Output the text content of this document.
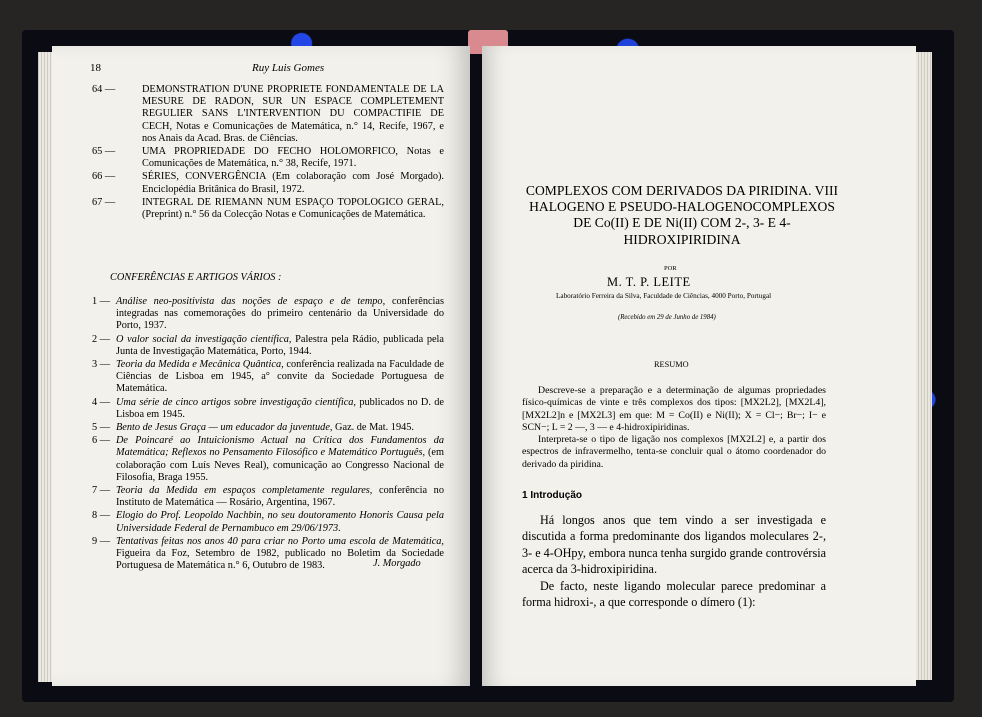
18	Ruy Luis Gomes
64 —	DEMONSTRATION D'UNE PROPRIETE FONDAMENTALE DE LA MESURE DE RADON, SUR UN ESPACE COMPLETEMENT REGULIER SANS L'INTERVENTION DU COMPACTIFIE DE CECH, Notas e Comunicações de Matemática, n.° 14, Recife, 1967, e nos Anais da Acad. Bras. de Ciências.
65 —	UMA PROPRIEDADE DO FECHO HOLOMORFICO, Notas e Comunicações de Matemática, n.° 38, Recife, 1971.
66 —	SÉRIES, CONVERGÊNCIA (Em colaboração com José Morgado). Enciclopédia Britânica do Brasil, 1972.
67 —	INTEGRAL DE RIEMANN NUM ESPAÇO TOPOLOGICO GERAL, (Preprint) n.° 56 da Colecção Notas e Comunicações de Matemática.
CONFERÊNCIAS E ARTIGOS VÁRIOS :
1 — Análise neo-positivista das noções de espaço e de tempo, conferências integradas nas comemorações do primeiro centenário da Universidade do Porto, 1937.
2 — O valor social da investigação científica, Palestra pela Rádio, publicada pela Junta de Investigação Matemática, Porto, 1944.
3 — Teoria da Medida e Mecânica Quântica, conferência realizada na Faculdade de Ciências de Lisboa em 1945, a° convite da Sociedade Portuguesa de Matemática.
4 — Uma série de cinco artigos sobre investigação científica, publicados no D. de Lisboa em 1945.
5 — Bento de Jesus Graça — um educador da juventude, Gaz. de Mat. 1945.
6 — De Poincaré ao Intuicionismo Actual na Crítica dos Fundamentos da Matemática; Reflexos no Pensamento Filosófico e Matemático Português, (em colaboração com Luís Neves Real), comunicação ao Congresso Nacional de Filosofia, Braga 1955.
7 — Teoria da Medida em espaços completamente regulares, conferência no Instituto de Matemática — Rosário, Argentina, 1967.
8 — Elogio do Prof. Leopoldo Nachbin, no seu doutoramento Honoris Causa pela Universidade Federal de Pernambuco em 29/06/1973.
9 — Tentativas feitas nos anos 40 para criar no Porto uma escola de Matemática, Figueira da Foz, Setembro de 1982, publicado no Boletim da Sociedade Portuguesa de Matemática n.° 6, Outubro de 1983.	J. Morgado
COMPLEXOS COM DERIVADOS DA PIRIDINA. VIII HALOGENO E PSEUDO-HALOGENOCOMPLEXOS DE Co(II) E DE Ni(II) COM 2-, 3- E 4-HIDROXIPIRIDINA
POR
M. T. P. LEITE
Laboratório Ferreira da Silva, Faculdade de Ciências, 4000 Porto, Portugal
(Recebido em 29 de Junho de 1984)
RESUMO

Descreve-se a preparação e a determinação de algumas propriedades físico-químicas de vinte e três complexos dos tipos: [MX2L2], [MX2L4], [MX2L2]n e [MX2L3] em que: M = Co(II) e Ni(II); X = Cl−; Br−; I− e SCN−; L = 2 —, 3 — e 4-hidroxipiridinas.

Interpreta-se o tipo de ligação nos complexos [MX2L2] e, a partir dos espectros de infravermelho, tenta-se concluir qual o átomo coordenador do derivado da piridina.

1 Introdução

Há longos anos que tem vindo a ser investigada e discutida a forma predominante dos ligandos moleculares 2-, 3- e 4-OHpy, embora nunca tenha surgido grande controvérsia acerca da 3-hidroxipiridina.

De facto, neste ligando molecular parece predominar a forma hidroxi-, a que corresponde o dímero (1):
